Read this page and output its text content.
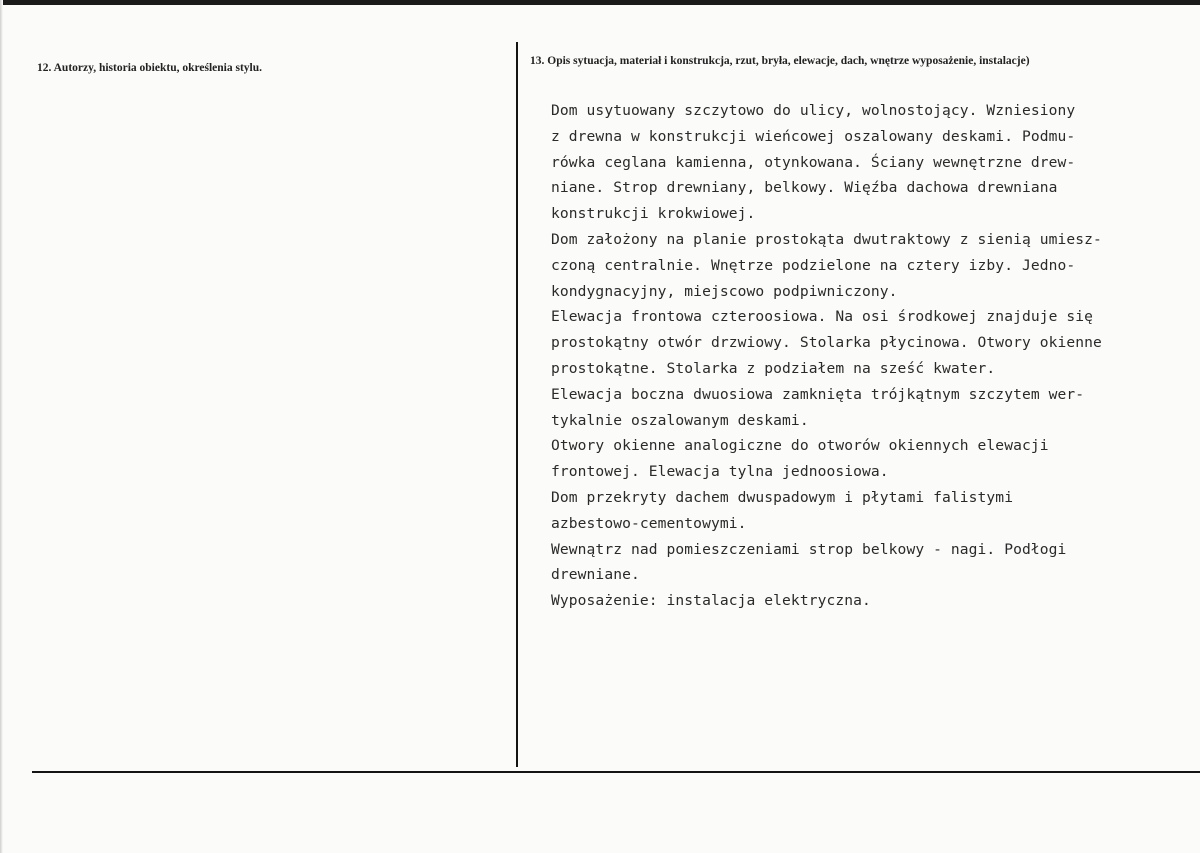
12. Autorzy, historia obiektu, określenia stylu.
13. Opis sytuacja, materiał i konstrukcja, rzut, bryła, elewacje, dach, wnętrze wyposażenie, instalacje)
Dom usytuowany szczytowo do ulicy, wolnostojący. Wzniesiony
z drewna w konstrukcji wieńcowej oszalowany deskami. Podmu-
rówka ceglana kamienna, otynkowana. Ściany wewnętrzne drew-
niane. Strop drewniany, belkowy. Więźba dachowa drewniana
konstrukcji krokwiowej.
Dom założony na planie prostokąta dwutraktowy z sienią umiesz-
czoną centralnie. Wnętrze podzielone na cztery izby. Jedno-
kondygnacyjny, miejscowo podpiwniczony.
Elewacja frontowa czteroosiowa. Na osi środkowej znajduje się
prostokątny otwór drzwiowy. Stolarka płycinowa. Otwory okienne
prostokątne. Stolarka z podziałem na sześć kwater.
Elewacja boczna dwuosiowa zamknięta trójkątnym szczytem wer-
tykalnie oszalowanym deskami.
Otwory okienne analogiczne do otworów okiennych elewacji
frontowej. Elewacja tylna jednoosiowa.
Dom przekryty dachem dwuspadowym i płytami falistymi
azbestowo-cementowymi.
Wewnątrz nad pomieszczeniami strop belkowy - nagi. Podłogi
drewniane.
Wyposażenie: instalacja elektryczna.
